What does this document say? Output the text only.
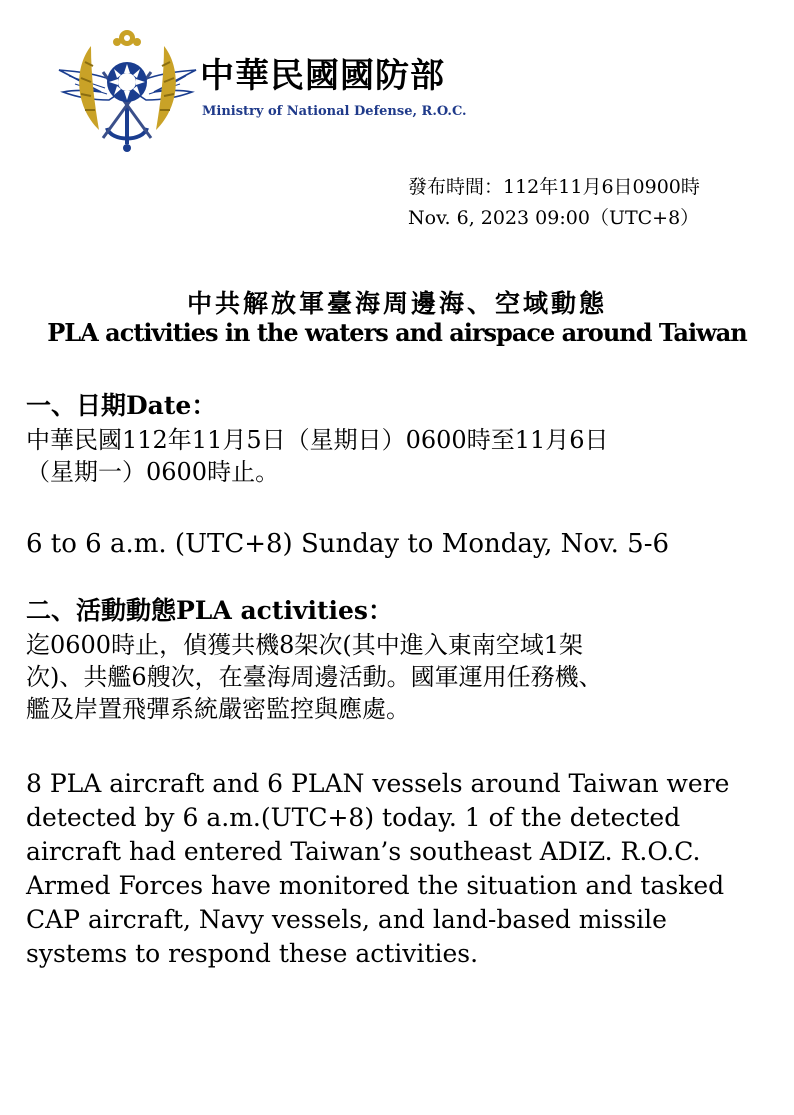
中華民國國防部
Ministry of National Defense, R.O.C.
發布時間：112年11月6日0900時
Nov. 6, 2023 09:00（UTC+8）
中共解放軍臺海周邊海、空域動態
PLA activities in the waters and airspace around Taiwan
一、日期Date：
中華民國112年11月5日（星期日）0600時至11月6日
（星期一）0600時止。
6 to 6 a.m. (UTC+8) Sunday to Monday, Nov. 5-6
二、活動動態PLA activities：
迄0600時止，偵獲共機8架次(其中進入東南空域1架
次)、共艦6艘次，在臺海周邊活動。國軍運用任務機、
艦及岸置飛彈系統嚴密監控與應處。
8 PLA aircraft and 6 PLAN vessels around Taiwan were
detected by 6 a.m.(UTC+8) today. 1 of the detected
aircraft had entered Taiwan’s southeast ADIZ. R.O.C.
Armed Forces have monitored the situation and tasked
CAP aircraft, Navy vessels, and land-based missile
systems to respond these activities.
